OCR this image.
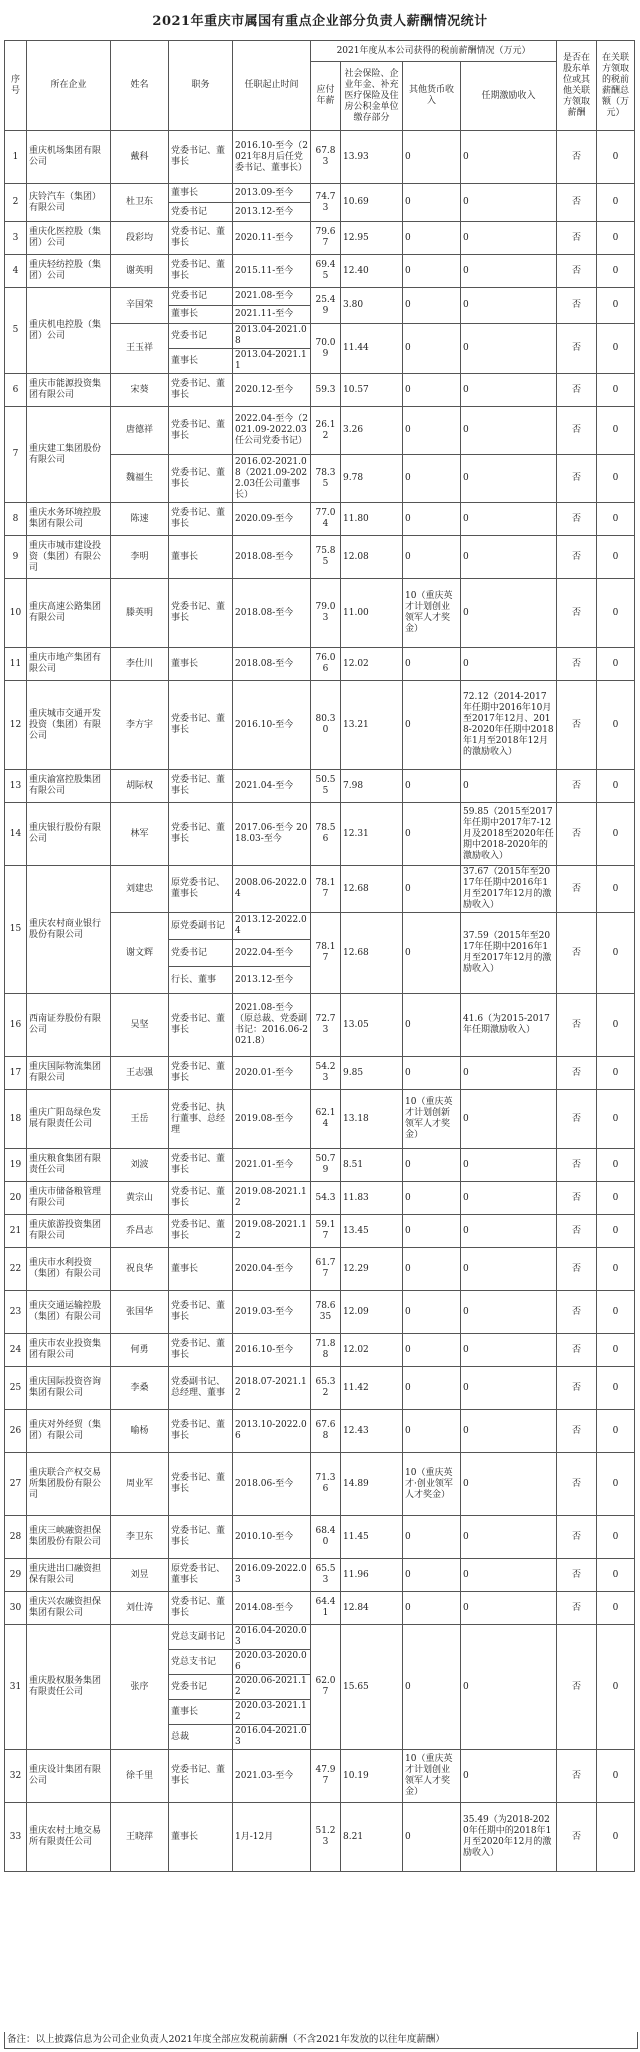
2021年重庆市属国有重点企业部分负责人薪酬情况统计
序号	所在企业	姓名	职务	任职起止时间	2021年度从本公司获得的税前薪酬情况（万元）				是否在股东单位或其他关联方领取薪酬	在关联方领取的税前薪酬总额（万元）
					应付年薪	社会保险、企业年金、补充医疗保险及住房公积金单位缴存部分	其他货币收入	任期激励收入		
1	重庆机场集团有限公司	戴科	党委书记、董事长	2016.10-至今（2021年8月后任党委书记、董事长）	67.83	13.93	0	0	否	0
2	庆铃汽车（集团）有限公司	杜卫东	董事长	2013.09-至今	74.73	10.69	0	0	否	0
			党委书记	2013.12-至今						
3	重庆化医控股（集团）公司	段彩均	党委书记、董事长	2020.11-至今	79.67	12.95	0	0	否	0
4	重庆轻纺控股（集团）公司	谢英明	党委书记、董事长	2015.11-至今	69.45	12.40	0	0	否	0
5	重庆机电控股（集团）公司	辛国荣	党委书记	2021.08-至今	25.49	3.80	0	0	否	0
			董事长	2021.11-至今						
		王玉祥	党委书记	2013.04-2021.08	70.09	11.44	0	0	否	0
			董事长	2013.04-2021.11						
6	重庆市能源投资集团有限公司	宋葵	党委书记、董事长	2020.12-至今	59.3	10.57	0	0	否	0
7	重庆建工集团股份有限公司	唐德祥	党委书记、董事长	2022.04-至今（2021.09-2022.03任公司党委书记）	26.12	3.26	0	0	否	0
		魏福生	党委书记、董事长	2016.02-2021.08（2021.09-2022.03任公司董事长）	78.35	9.78	0	0	否	0
8	重庆水务环境控股集团有限公司	陈速	党委书记、董事长	2020.09-至今	77.04	11.80	0	0	否	0
9	重庆市城市建设投资（集团）有限公司	李明	董事长	2018.08-至今	75.85	12.08	0	0	否	0
10	重庆高速公路集团有限公司	滕英明	党委书记、董事长	2018.08-至今	79.03	11.00	10（重庆英才计划创业领军人才奖金）	0	否	0
11	重庆市地产集团有限公司	李仕川	董事长	2018.08-至今	76.06	12.02	0	0	否	0
12	重庆城市交通开发投资（集团）有限公司	李方宇	党委书记、董事长	2016.10-至今	80.30	13.21	0	72.12（2014-2017年任期中2016年10月至2017年12月、2018-2020年任期中2018年1月至2018年12月的激励收入）	否	0
13	重庆渝富控股集团有限公司	胡际权	党委书记、董事长	2021.04-至今	50.55	7.98	0	0	否	0
14	重庆银行股份有限公司	林军	党委书记、董事长	2017.06-至今 2018.03-至今	78.56	12.31	0	59.85（2015至2017年任期中2017年7-12月及2018至2020年任期中2018-2020年的激励收入）	否	0
15	重庆农村商业银行股份有限公司	刘建忠	原党委书记、董事长	2008.06-2022.04	78.17	12.68	0	37.67（2015年至2017年任期中2016年1月至2017年12月的激励收入）	否	0
		谢文辉	原党委副书记	2013.12-2022.04	78.17	12.68	0	37.59（2015年至2017年任期中2016年1月至2017年12月的激励收入）	否	0
			党委书记	2022.04-至今						
			行长、董事	2013.12-至今						
16	西南证券股份有限公司	吴坚	党委书记、董事长	2021.08-至今（原总裁、党委副书记：2016.06-2021.8）	72.73	13.05	0	41.6（为2015-2017年任期激励收入）	否	0
17	重庆国际物流集团有限公司	王志强	党委书记、董事长	2020.01-至今	54.23	9.85	0	0	否	0
18	重庆广阳岛绿色发展有限责任公司	王岳	党委书记、执行董事、总经理	2019.08-至今	62.14	13.18	10（重庆英才计划创新领军人才奖金）	0	否	0
19	重庆粮食集团有限责任公司	刘波	党委书记、董事长	2021.01-至今	50.79	8.51	0	0	否	0
20	重庆市储备粮管理有限公司	黄宗山	党委书记、董事长	2019.08-2021.12	54.3	11.83	0	0	否	0
21	重庆旅游投资集团有限公司	乔昌志	党委书记、董事长	2019.08-2021.12	59.17	13.45	0	0	否	0
22	重庆市水利投资（集团）有限公司	祝良华	董事长	2020.04-至今	61.77	12.29	0	0	否	0
23	重庆交通运输控股（集团）有限公司	张国华	党委书记、董事长	2019.03-至今	78.635	12.09	0	0	否	0
24	重庆市农业投资集团有限公司	何勇	党委书记、董事长	2016.10-至今	71.88	12.02	0	0	否	0
25	重庆国际投资咨询集团有限公司	李桑	党委副书记、总经理、董事	2018.07-2021.12	65.32	11.42	0	0	否	0
26	重庆对外经贸（集团）有限公司	喻杨	党委书记、董事长	2013.10-2022.06	67.68	12.43	0	0	否	0
27	重庆联合产权交易所集团股份有限公司	周业军	党委书记、董事长	2018.06-至今	71.36	14.89	10（重庆英才·创业领军人才奖金）	0	否	0
28	重庆三峡融资担保集团股份有限公司	李卫东	党委书记、董事长	2010.10-至今	68.40	11.45	0	0	否	0
29	重庆进出口融资担保有限公司	刘昱	原党委书记、董事长	2016.09-2022.03	65.53	11.96	0	0	否	0
30	重庆兴农融资担保集团有限公司	刘仕涛	党委书记、董事长	2014.08-至今	64.41	12.84	0	0	否	0
31	重庆股权服务集团有限责任公司	张序	党总支副书记	2016.04-2020.03	62.07	15.65	0	0	否	0
			党总支书记	2020.03-2020.06						
			党委书记	2020.06-2021.12						
			董事长	2020.03-2021.12						
			总裁	2016.04-2021.03						
32	重庆设计集团有限公司	徐千里	党委书记、董事长	2021.03-至今	47.97	10.19	10（重庆英才计划创业领军人才奖金）	0	否	0
33	重庆农村土地交易所有限责任公司	王晓萍	董事长	1月-12月	51.23	8.21	0	35.49（为2018-2020年任期中的2018年1月至2020年12月的激励收入）	否	0
备注：以上披露信息为公司企业负责人2021年度全部应发税前薪酬（不含2021年发放的以往年度薪酬）
